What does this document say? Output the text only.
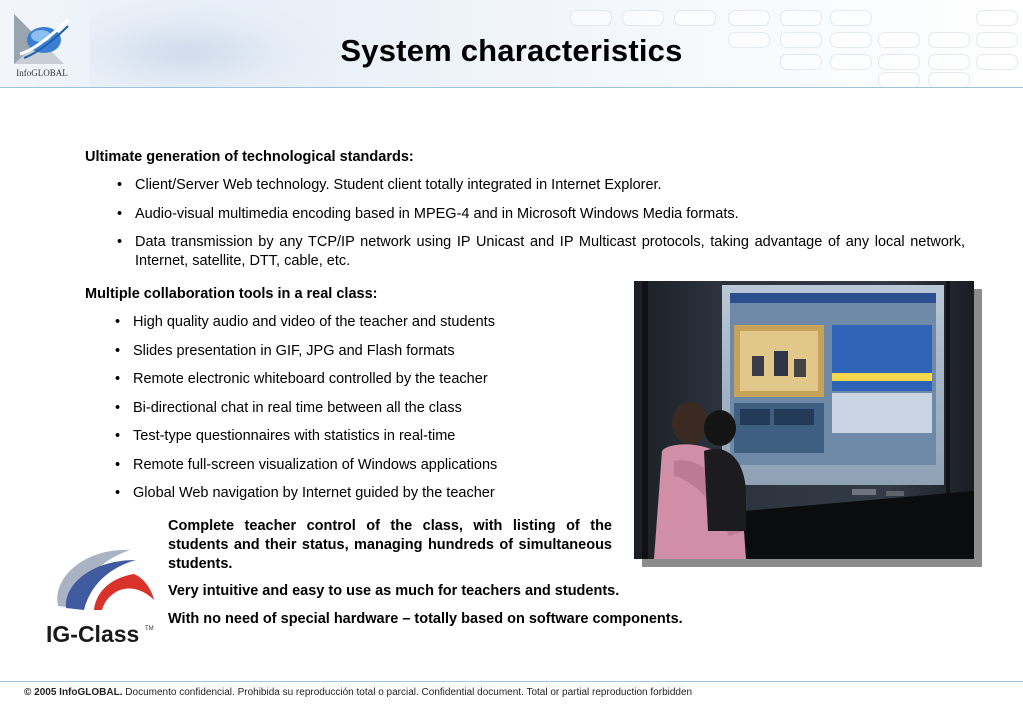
InfoGLOBAL
System characteristics
Ultimate generation of technological standards:
• Client/Server Web technology. Student client totally integrated in Internet Explorer.
• Audio-visual multimedia encoding based in MPEG-4 and in Microsoft Windows Media formats.
• Data transmission by any TCP/IP network using IP Unicast and IP Multicast protocols, taking advantage of any local network, Internet, satellite, DTT, cable, etc.
Multiple collaboration tools in a real class:
• High quality audio and video of the teacher and students
• Slides presentation in GIF, JPG and Flash formats
• Remote electronic whiteboard controlled by the teacher
• Bi-directional chat in real time between all the class
• Test-type questionnaires with statistics in real-time
• Remote full-screen visualization of Windows applications
• Global Web navigation by Internet guided by the teacher
IG-Class TM
Complete teacher control of the class, with listing of the students and their status, managing hundreds of simultaneous students.
Very intuitive and easy to use as much for teachers and students.
With no need of special hardware – totally based on software components.
© 2005 InfoGLOBAL. Documento confidencial. Prohibida su reproducción total o parcial. Confidential document. Total or partial reproduction forbidden
